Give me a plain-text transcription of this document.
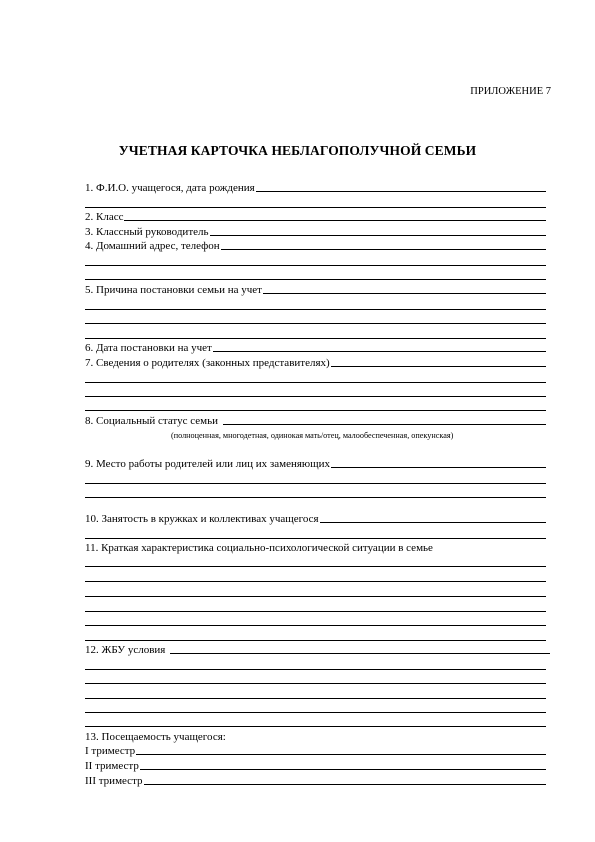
ПРИЛОЖЕНИЕ 7
УЧЕТНАЯ КАРТОЧКА НЕБЛАГОПОЛУЧНОЙ СЕМЬИ
1. Ф.И.О. учащегося, дата рождения
2. Класс
3. Классный руководитель
4. Домашний адрес, телефон
5. Причина постановки семьи на учет
6. Дата постановки на учет
7. Сведения о родителях (законных представителях)
8. Социальный статус семьи
(полноценная, многодетная, одинокая мать/отец, малообеспеченная, опекунская)
9. Место работы родителей или лиц их заменяющих
10. Занятость в кружках и коллективах учащегося
11. Краткая характеристика социально-психологической ситуации в семье
12. ЖБУ условия
13. Посещаемость учащегося:
I триместр
II триместр
III триместр
